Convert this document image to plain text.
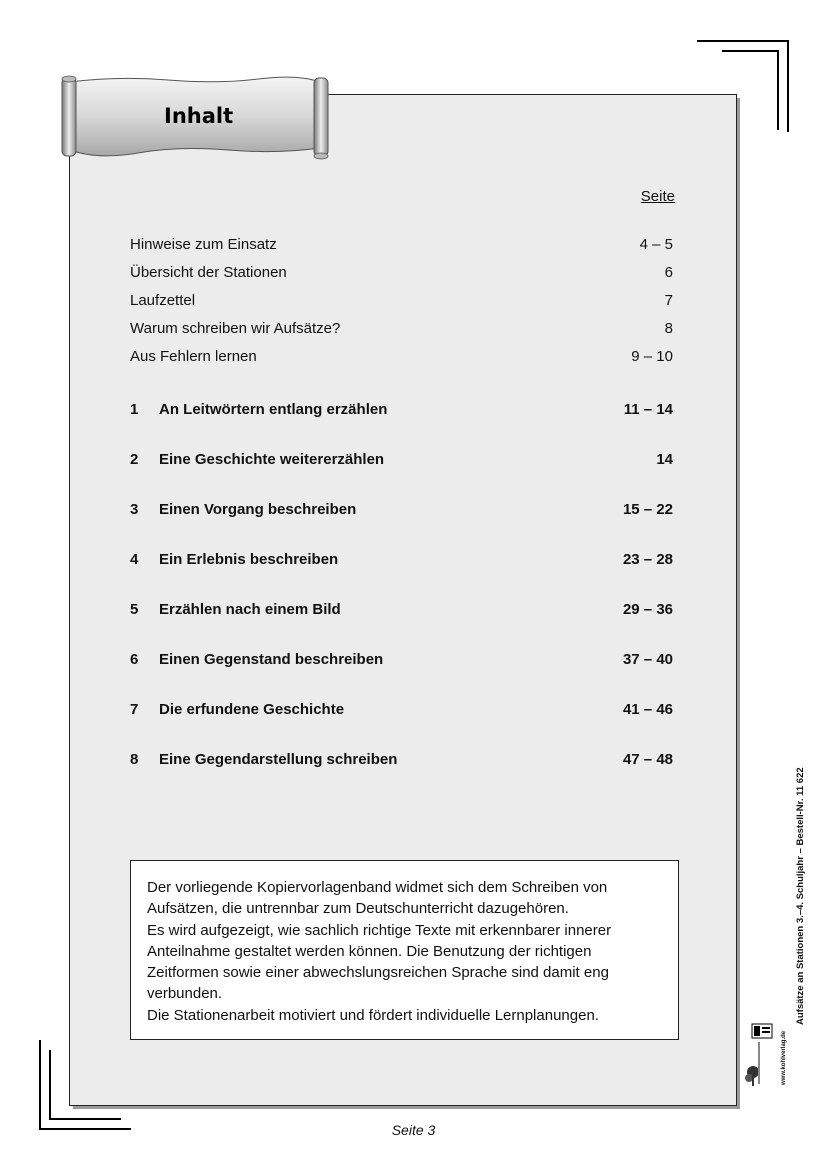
Inhalt
Seite
Hinweise zum Einsatz	4 – 5
Übersicht der Stationen	6
Laufzettel	7
Warum schreiben wir Aufsätze?	8
Aus Fehlern lernen	9 – 10
1 An Leitwörtern entlang erzählen	11 – 14
2 Eine Geschichte weitererzählen	14
3 Einen Vorgang beschreiben	15 – 22
4 Ein Erlebnis beschreiben	23 – 28
5 Erzählen nach einem Bild	29 – 36
6 Einen Gegenstand beschreiben	37 – 40
7 Die erfundene Geschichte	41 – 46
8 Eine Gegendarstellung schreiben	47 – 48

Der vorliegende Kopiervorlagenband widmet sich dem Schreiben von

Aufsätzen, die untrennbar zum Deutschunterricht dazugehören.

Es wird aufgezeigt, wie sachlich richtige Texte mit erkennbarer innerer

Anteilnahme gestaltet werden können. Die Benutzung der richtigen

Zeitformen sowie einer abwechslungsreichen Sprache sind damit eng

verbunden.

Die Stationenarbeit motiviert und fördert individuelle Lernplanungen.	Aufsätze an Stationen 3.–4. Schuljahr – Bestell-Nr. 11 622
www.kohlverlag.de
Seite 3
